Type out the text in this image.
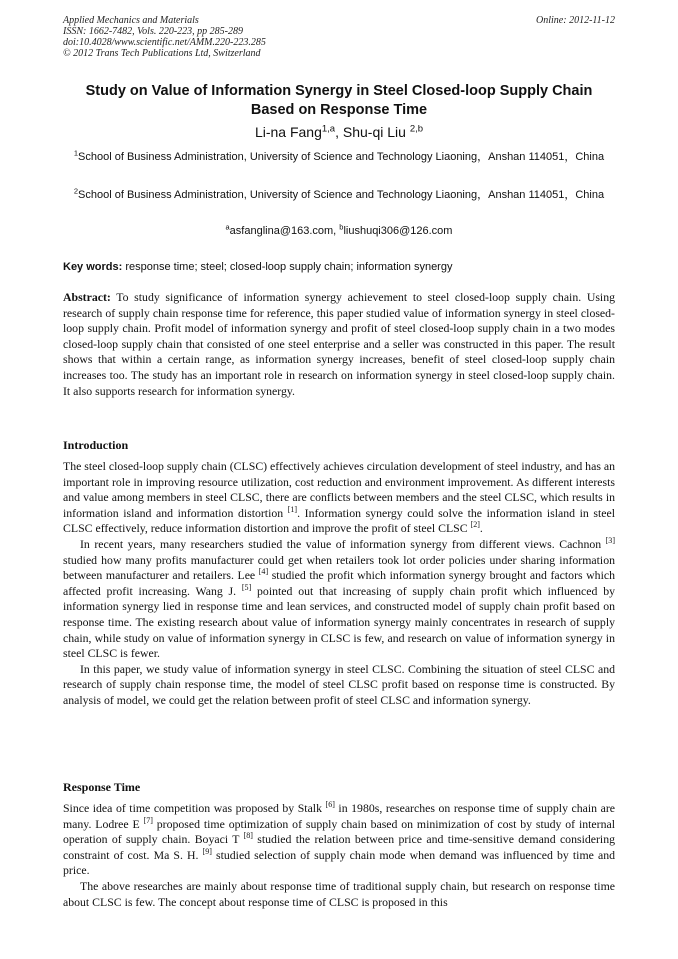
Applied Mechanics and Materials
ISSN: 1662-7482, Vols. 220-223, pp 285-289
doi:10.4028/www.scientific.net/AMM.220-223.285
© 2012 Trans Tech Publications Ltd, Switzerland
Online: 2012-11-12
Study on Value of Information Synergy in Steel Closed-loop Supply Chain Based on Response Time
Li-na Fang$^{1,a}$, Shu-qi Liu $^{2,b}$
$^1$School of Business Administration, University of Science and Technology Liaoning，Anshan 114051，China
$^2$School of Business Administration, University of Science and Technology Liaoning，Anshan 114051，China
$^a$asfanglina@163.com, $^b$liushuqi306@126.com
Key words: response time; steel; closed-loop supply chain; information synergy

Abstract: To study significance of information synergy achievement to steel closed-loop supply chain. Using research of supply chain response time for reference, this paper studied value of information synergy in steel closed-loop supply chain. Profit model of information synergy and profit of steel closed-loop supply chain in a two modes closed-loop supply chain that consisted of one steel enterprise and a seller was constructed in this paper. The result shows that within a certain range, as information synergy increases, benefit of steel closed-loop supply chain increases too. The study has an important role in research on information synergy in steel closed-loop supply chain. It also supports research for information synergy.

Introduction

The steel closed-loop supply chain (CLSC) effectively achieves circulation development of steel industry, and has an important role in improving resource utilization, cost reduction and environment improvement. As different interests and value among members in steel CLSC, there are conflicts between members and the steel CLSC, which results in information island and information distortion [1]. Information synergy could solve the information island in steel CLSC effectively, reduce information distortion and improve the profit of steel CLSC [2].

In recent years, many researchers studied the value of information synergy from different views. Cachnon [3] studied how many profits manufacturer could get when retailers took lot order policies under sharing information between manufacturer and retailers. Lee [4] studied the profit which information synergy brought and factors which affected profit increasing. Wang J. [5] pointed out that increasing of supply chain profit which influenced by information synergy lied in response time and lean services, and constructed model of supply chain profit based on response time. The existing research about value of information synergy mainly concentrates in research of supply chain, while study on value of information synergy in CLSC is few, and research on value of information synergy in steel CLSC is fewer.

In this paper, we study value of information synergy in steel CLSC. Combining the situation of steel CLSC and research of supply chain response time, the model of steel CLSC profit based on response time is constructed. By analysis of model, we could get the relation between profit of steel CLSC and information synergy.

Response Time

Since idea of time competition was proposed by Stalk [6] in 1980s, researches on response time of supply chain are many. Lodree E [7] proposed time optimization of supply chain based on minimization of cost by study of internal operation of supply chain. Boyaci T [8] studied the relation between price and time-sensitive demand considering constraint of cost. Ma S. H. [9] studied selection of supply chain mode when demand was influenced by time and price.

The above researches are mainly about response time of traditional supply chain, but research on response time about CLSC is few. The concept about response time of CLSC is proposed in this
